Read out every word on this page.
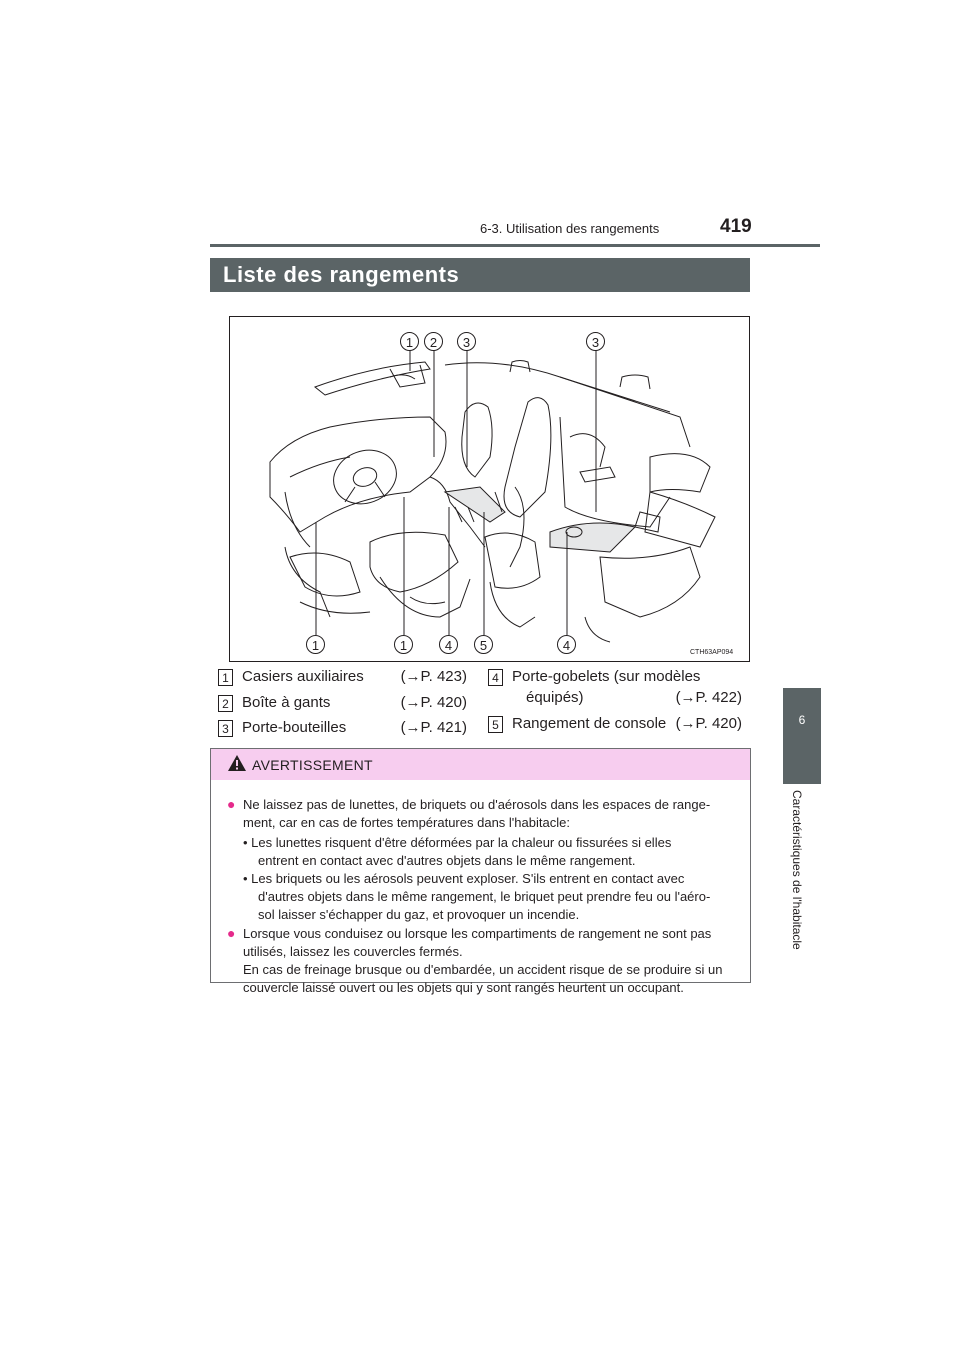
6-3. Utilisation des rangements	419
6
Caractéristiques de l'habitacle
Liste des rangements
1	2	3	3
1	1	4	5	4	CTH63AP094
1 Casiers auxiliaires	(→P. 423)
2 Boîte à gants	(→P. 420)
3 Porte-bouteilles	(→P. 421)
4 Porte-gobelets (sur modèles
équipés)	(→P. 422)
5 Rangement de console (→P. 420)
AVERTISSEMENT
● Ne laissez pas de lunettes, de briquets ou d'aérosols dans les espaces de range-
ment, car en cas de fortes températures dans l'habitacle:
• Les lunettes risquent d'être déformées par la chaleur ou fissurées si elles
entrent en contact avec d'autres objets dans le même rangement.
• Les briquets ou les aérosols peuvent exploser. S'ils entrent en contact avec
d'autres objets dans le même rangement, le briquet peut prendre feu ou l'aéro-
sol laisser s'échapper du gaz, et provoquer un incendie.
● Lorsque vous conduisez ou lorsque les compartiments de rangement ne sont pas
utilisés, laissez les couvercles fermés.
En cas de freinage brusque ou d'embardée, un accident risque de se produire si un
couvercle laissé ouvert ou les objets qui y sont rangés heurtent un occupant.
